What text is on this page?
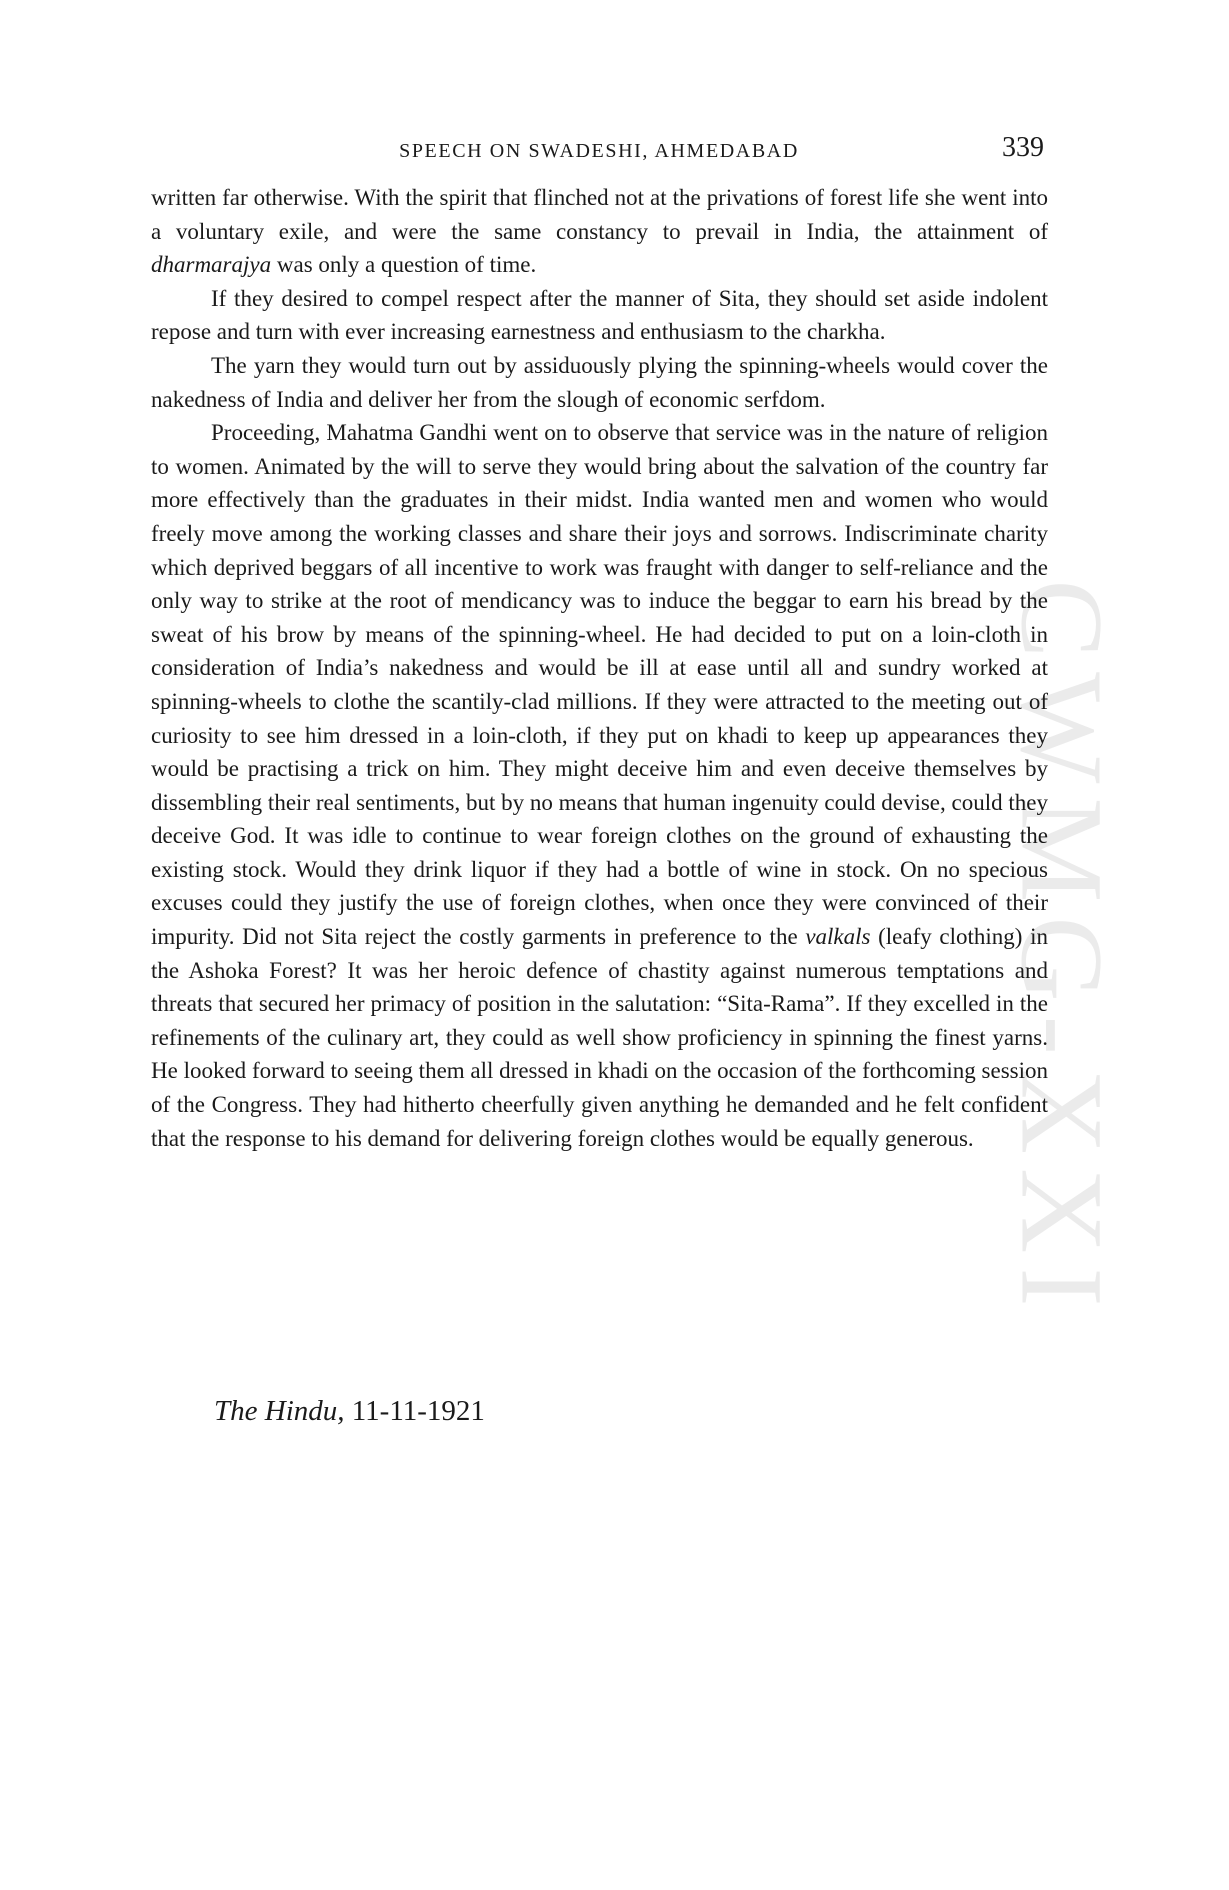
SPEECH ON SWADESHI, AHMEDABAD	339
CWMG-XXI

written far otherwise. With the spirit that flinched not at the privations of forest life she went into a voluntary exile, and were the same constancy to prevail in India, the attainment of dharmarajya was only a question of time.

If they desired to compel respect after the manner of Sita, they should set aside indolent repose and turn with ever increasing earnestness and enthusiasm to the charkha.

The yarn they would turn out by assiduously plying the spinning-wheels would cover the nakedness of India and deliver her from the slough of economic serfdom.

Proceeding, Mahatma Gandhi went on to observe that service was in the nature of religion to women. Animated by the will to serve they would bring about the salvation of the country far more effectively than the graduates in their midst. India wanted men and women who would freely move among the working classes and share their joys and sorrows. Indiscriminate charity which deprived beggars of all incentive to work was fraught with danger to self-reliance and the only way to strike at the root of mendicancy was to induce the beggar to earn his bread by the sweat of his brow by means of the spinning-wheel. He had decided to put on a loin-cloth in consideration of India’s nakedness and would be ill at ease until all and sundry worked at spinning-wheels to clothe the scantily-clad millions. If they were attracted to the meeting out of curiosity to see him dressed in a loin-cloth, if they put on khadi to keep up appearances they would be practising a trick on him. They might deceive him and even deceive themselves by dissembling their real sentiments, but by no means that human ingenuity could devise, could they deceive God. It was idle to continue to wear foreign clothes on the ground of exhausting the existing stock. Would they drink liquor if they had a bottle of wine in stock. On no specious excuses could they justify the use of foreign clothes, when once they were convinced of their impurity. Did not Sita reject the costly garments in preference to the valkals (leafy clothing) in the Ashoka Forest? It was her heroic defence of chastity against numerous temptations and threats that secured her primacy of position in the salutation: “Sita-Rama”. If they excelled in the refinements of the culinary art, they could as well show proficiency in spinning the finest yarns. He looked forward to seeing them all dressed in khadi on the occasion of the forthcoming session of the Congress. They had hitherto cheerfully given anything he demanded and he felt confident that the response to his demand for delivering foreign clothes would be equally generous.

The Hindu, 11-11-1921
